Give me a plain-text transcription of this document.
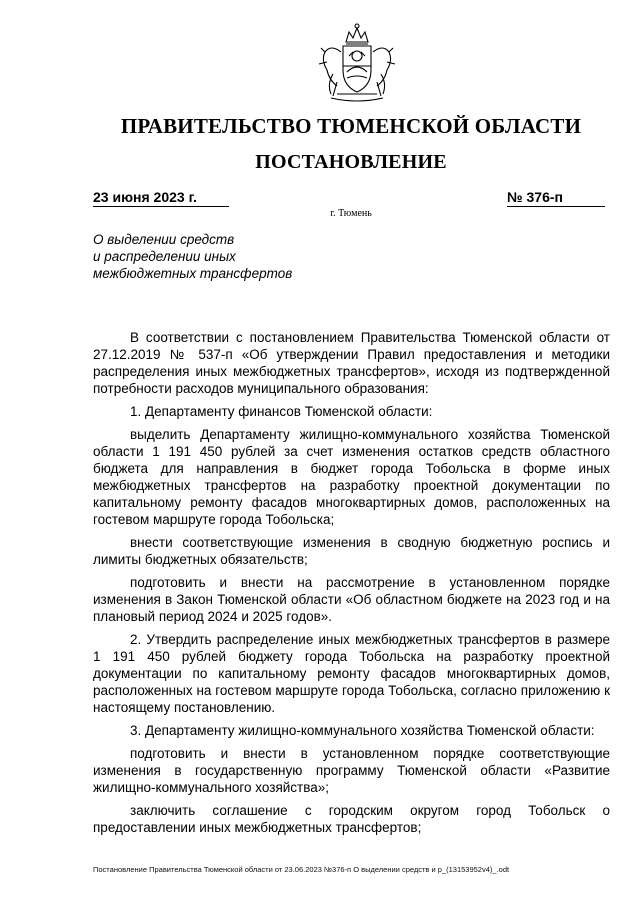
ПРАВИТЕЛЬСТВО ТЮМЕНСКОЙ ОБЛАСТИ
ПОСТАНОВЛЕНИЕ
23 июня 2023 г.	№ 376-п
г. Тюмень
О выделении средств
и распределении иных
межбюджетных трансфертов

В соответствии с постановлением Правительства Тюменской области от 27.12.2019 № 537-п «Об утверждении Правил предоставления и методики распределения иных межбюджетных трансфертов», исходя из подтвержденной потребности расходов муниципального образования:

1. Департаменту финансов Тюменской области:

выделить Департаменту жилищно-коммунального хозяйства Тюменской области 1 191 450 рублей за счет изменения остатков средств областного бюджета для направления в бюджет города Тобольска в форме иных межбюджетных трансфертов на разработку проектной документации по капитальному ремонту фасадов многоквартирных домов, расположенных на гостевом маршруте города Тобольска;

внести соответствующие изменения в сводную бюджетную роспись и лимиты бюджетных обязательств;

подготовить и внести на рассмотрение в установленном порядке изменения в Закон Тюменской области «Об областном бюджете на 2023 год и на плановый период 2024 и 2025 годов».

2. Утвердить распределение иных межбюджетных трансфертов в размере 1 191 450 рублей бюджету города Тобольска на разработку проектной документации по капитальному ремонту фасадов многоквартирных домов, расположенных на гостевом маршруте города Тобольска, согласно приложению к настоящему постановлению.

3. Департаменту жилищно-коммунального хозяйства Тюменской области:

подготовить и внести в установленном порядке соответствующие изменения в государственную программу Тюменской области «Развитие жилищно-коммунального хозяйства»;

заключить соглашение с городским округом город Тобольск о предоставлении иных межбюджетных трансфертов;

Постановление Правительства Тюменской области от 23.06.2023 №376-п О выделении средств и р_(13153952v4)_.odt
